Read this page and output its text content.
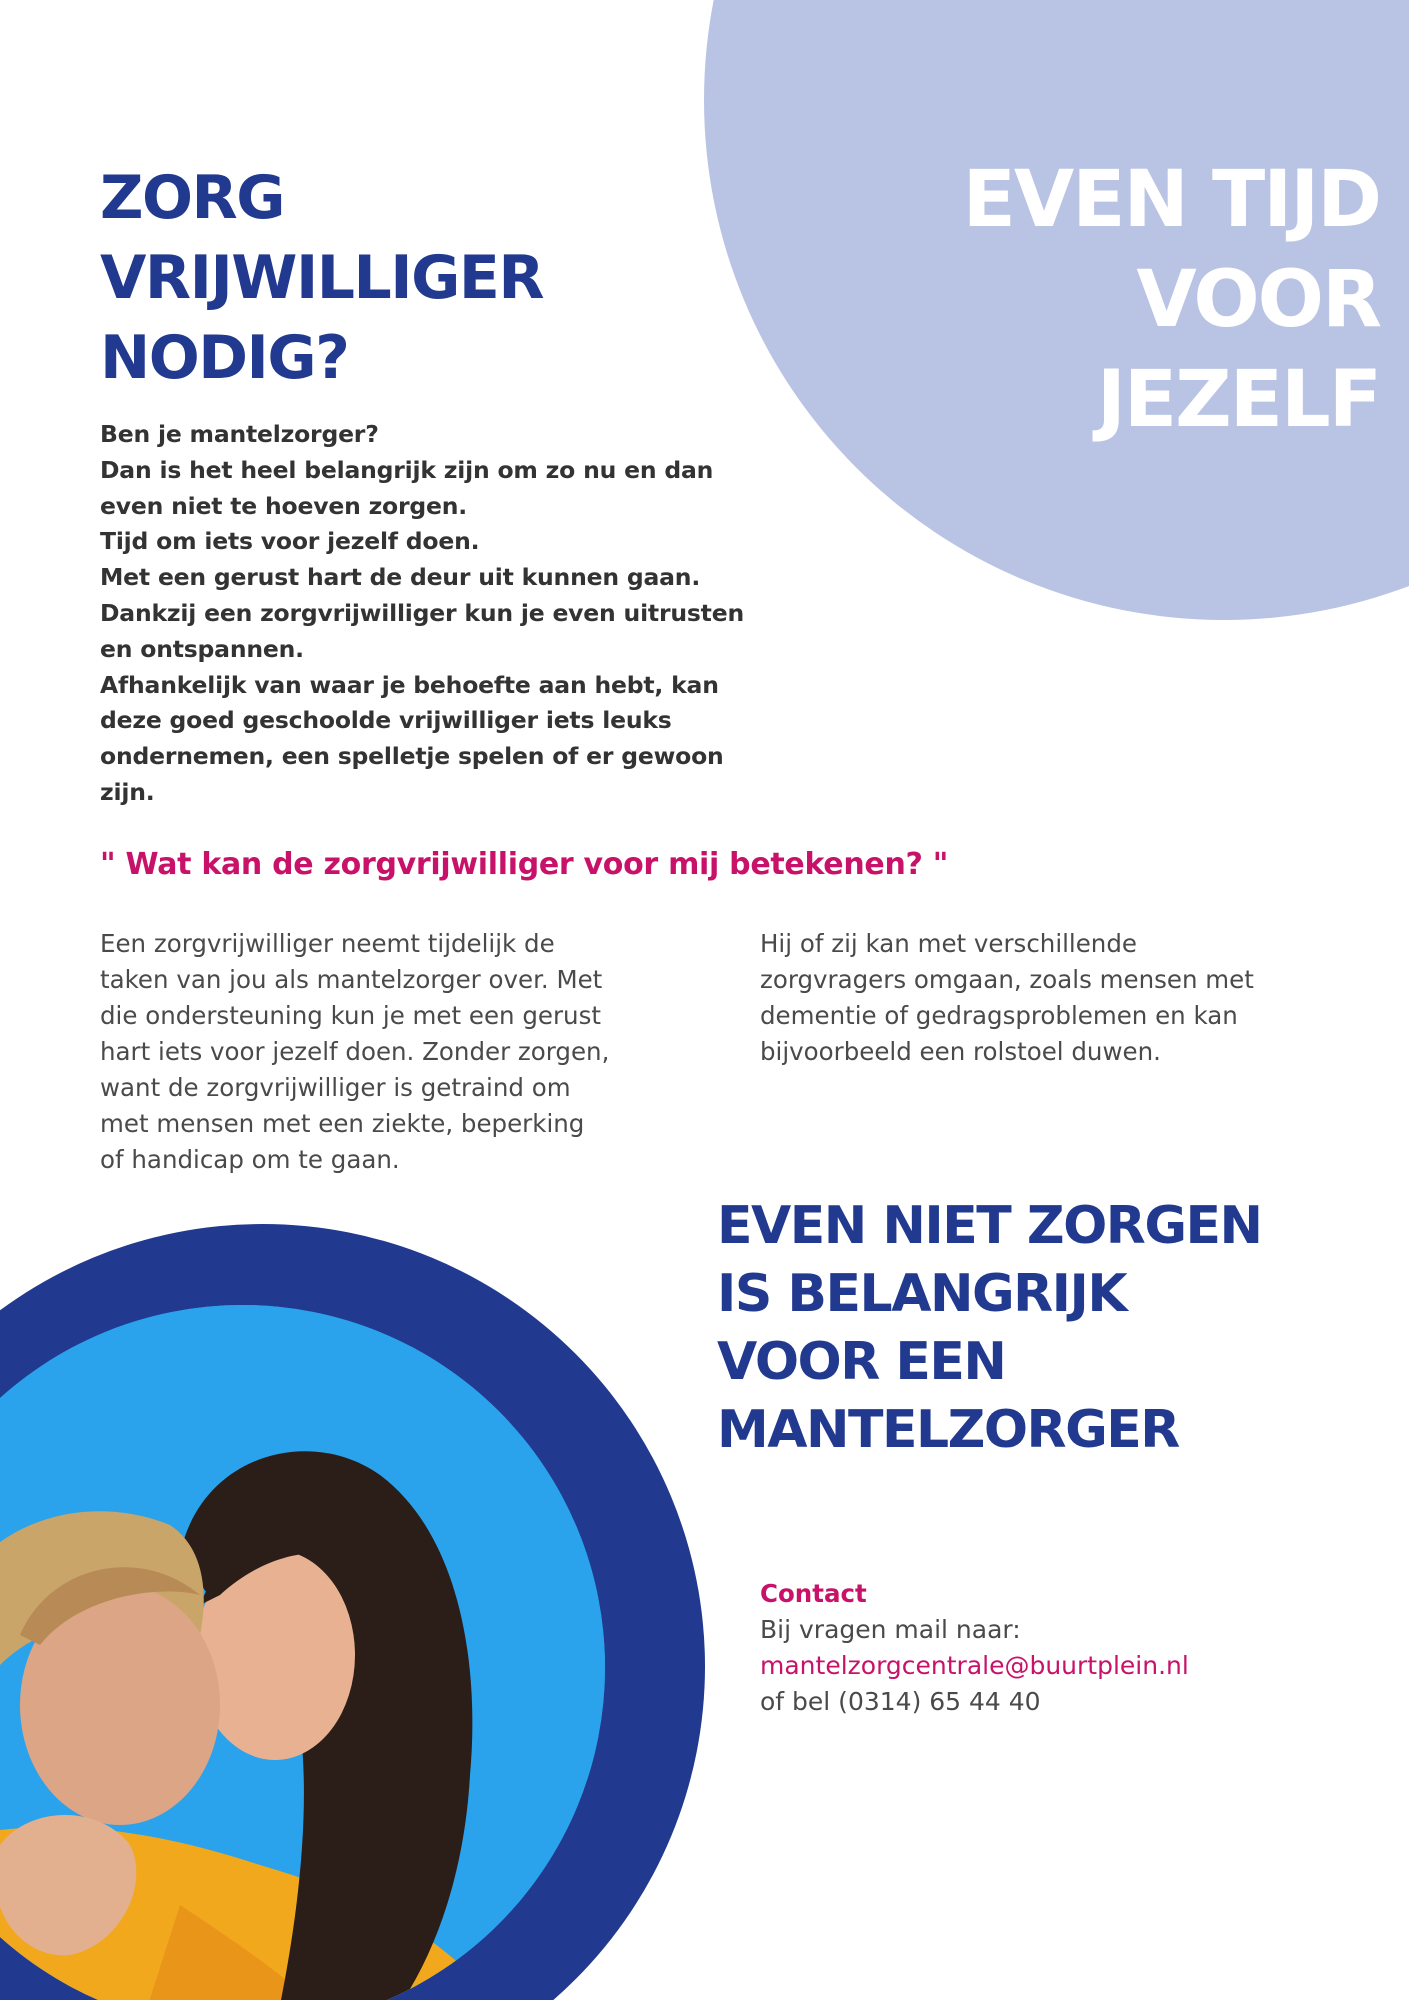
EVEN TIJD
VOOR
JEZELF
ZORG
VRIJWILLIGER
NODIG?

Ben je mantelzorger?
Dan is het heel belangrijk zijn om zo nu en dan
even niet te hoeven zorgen.
Tijd om iets voor jezelf doen.
Met een gerust hart de deur uit kunnen gaan.
Dankzij een zorgvrijwilliger kun je even uitrusten
en ontspannen.
Afhankelijk van waar je behoefte aan hebt, kan
deze goed geschoolde vrijwilliger iets leuks
ondernemen, een spelletje spelen of er gewoon
zijn.

" Wat kan de zorgvrijwilliger voor mij betekenen? "

Een zorgvrijwilliger neemt tijdelijk de
taken van jou als mantelzorger over. Met
die ondersteuning kun je met een gerust
hart iets voor jezelf doen. Zonder zorgen,
want de zorgvrijwilliger is getraind om
met mensen met een ziekte, beperking
of handicap om te gaan.

Hij of zij kan met verschillende
zorgvragers omgaan, zoals mensen met
dementie of gedragsproblemen en kan
bijvoorbeeld een rolstoel duwen.

EVEN NIET ZORGEN
IS BELANGRIJK
VOOR EEN
MANTELZORGER

Contact

Bij vragen mail naar:

mantelzorgcentrale@buurtplein.nl

of bel (0314) 65 44 40
